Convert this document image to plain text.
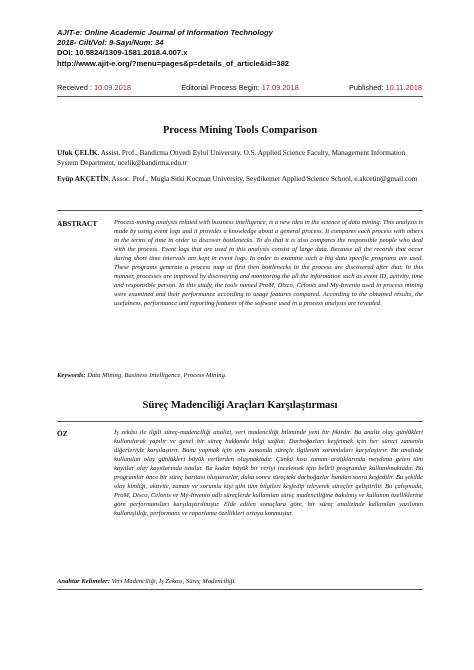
AJIT-e: Online Academic Journal of Information Technology
2018- Cilt/Vol: 9-Sayı/Num: 34
DOI: 10.5824/1309-1581.2018.4.007.x
http://www.ajit-e.org/?menu=pages&p=details_of_article&id=382
Received : 10.09.2018	Editorial Process Begin: 17.09.2018	Published: 10.11.2018
Process Mining Tools Comparison
Ufuk ÇELİK, Assist. Prof., Bandirma Onyedi Eylul University, O.S. Applied Science Faculty, Management Information System Department, ucelik@bandirma.edu.tr
Eyüp AKÇETİN, Assoc. Prof., Mugla Sitki Kocman University, Seydikemer Applied Science School, e.akcetin@gmail.com
ABSTRACT	Process-mining analysis related with business intelligence, is a new idea in the science of data mining. This analysis is made by using event logs and it provides a knowledge about a general process. It compares each process with others in the terms of time in order to discover bottlenecks. To do that it is also compares the responsible people who deal with the process. Event logs that are used in this analysis consist of large data. Because all the records that occur during short time intervals are kept in event logs. In order to examine such a big data specific programs are used. These programs generate a process map at first then bottlenecks in the process are discovered after that. In this manner, processes are improved by discovering and monitoring the all the information such as event ID, activity, time and responsible person. In this study, the tools named ProM, Disco, Celonis and My-Invenio used in process mining were examined and their performance according to usage features compared. According to the obtained results, the usefulness, performance and reporting features of the software used in a process analysis are revealed.

Keywords: Data Mining, Business Intelligence, Process Mining.
Süreç Madenciliği Araçları Karşılaştırması
ÖZ	İş zekâsı ile ilgili süreç-madenciliği analizi, veri madenciliği biliminde yeni bir fikirdir. Bu analiz olay günlükleri kullanılarak yapılır ve genel bir süreç hakkında bilgi sağlar. Darboğazları keşfetmek için her süreci zamanla diğerleriyle karşılaştırır. Bunu yapmak için aynı zamanda süreçle ilgilenen sorumluları karşılaştırır. Bu analizde kullanılan olay günlükleri büyük verilerden oluşmaktadır. Çünkü kısa zaman aralıklarında meydana gelen tüm kayıtlar olay kayıtlarında tutulur. Bu kadar büyük bir veriyi incelemek için belirli programlar kullanılmaktadır. Bu programlar önce bir süreç haritası oluştururlar, daha sonra süreçteki darboğazlar bundan sonra keşfedilir. Bu şekilde olay kimliği, aktivite, zaman ve sorumlu kişi gibi tüm bilgileri keşfedip izleyerek süreçler geliştirilir. Bu çalışmada, ProM, Disco, Celonis ve My-Invenio adlı süreçlerde kullanılan süreç madenciliğine bakılmış ve kullanım özelliklerine göre performansları karşılaştırılmıştır. Elde edilen sonuçlara göre, bir süreç analizinde kullanılan yazılımın kullanışlılığı, performans ve raporlama özellikleri ortaya konmuştur.

Anahtar Kelimeler: Veri Madenciliği, İş Zekası, Süreç Madenciliği.
